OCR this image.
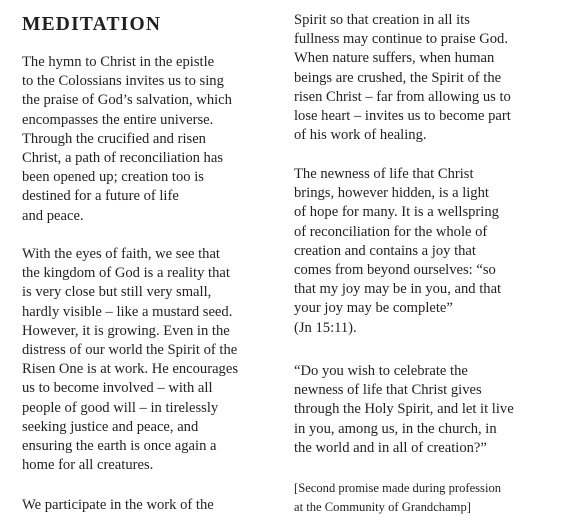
MEDITATION

The hymn to Christ in the epistle
to the Colossians invites us to sing
the praise of God’s salvation, which
encompasses the entire universe.
Through the crucified and risen
Christ, a path of reconciliation has
been opened up; creation too is
destined for a future of life
and peace.

With the eyes of faith, we see that
the kingdom of God is a reality that
is very close but still very small,
hardly visible – like a mustard seed.
However, it is growing. Even in the
distress of our world the Spirit of the
Risen One is at work. He encourages
us to become involved – with all
people of good will – in tirelessly
seeking justice and peace, and
ensuring the earth is once again a
home for all creatures.

We participate in the work of the

Spirit so that creation in all its
fullness may continue to praise God.
When nature suffers, when human
beings are crushed, the Spirit of the
risen Christ – far from allowing us to
lose heart – invites us to become part
of his work of healing.

The newness of life that Christ
brings, however hidden, is a light
of hope for many. It is a wellspring
of reconciliation for the whole of
creation and contains a joy that
comes from beyond ourselves: “so
that my joy may be in you, and that
your joy may be complete”
(Jn 15:11).

“Do you wish to celebrate the
newness of life that Christ gives
through the Holy Spirit, and let it live
in you, among us, in the church, in
the world and in all of creation?”

[Second promise made during profession
at the Community of Grandchamp]
